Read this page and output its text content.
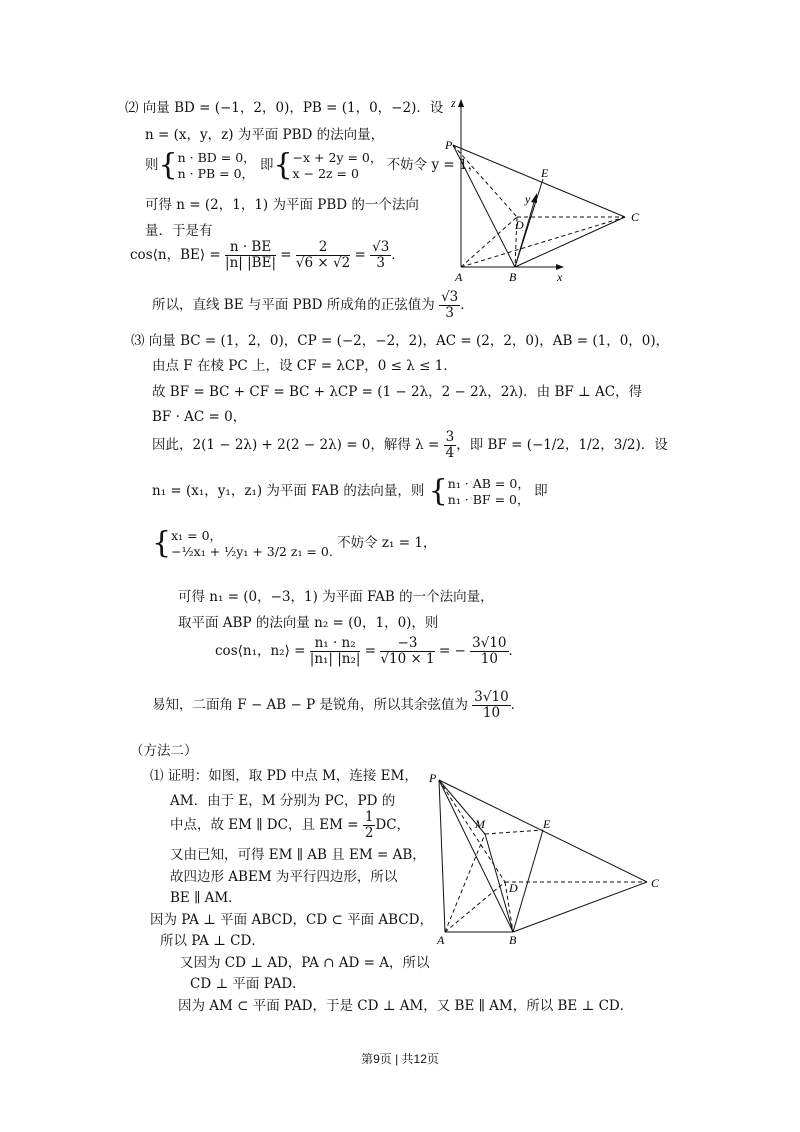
⑵ 向量 BD = (−1，2，0)，PB = (1，0，−2)．设
n = (x，y，z) 为平面 PBD 的法向量，
则{n · BD = 0，
n · PB = 0， 即{−x + 2y = 0，
x − 2z = 0 不妨令 y = 1，
可得 n = (2，1，1) 为平面 PBD 的一个法向
量．于是有
cos⟨n，BE⟩ = $\frac{n \cdot BE}{|n| |BE|} = \frac{2}{√6 \times √2} = \frac{√3}{3}$ ．
所以，直线 BE 与平面 PBD 所成角的正弦值为 $\frac{√3}{3}$ ．
z
P
E
y
D
C
A	B	x
⑶ 向量 BC = (1，2，0)，CP = (−2，−2，2)，AC = (2，2，0)，AB = (1，0，0)，
由点 F 在棱 PC 上，设 CF = λCP，0 ≤ λ ≤ 1．
故 BF = BC + CF = BC + λCP = (1 − 2λ，2 − 2λ，2λ)．由 BF ⊥ AC，得
BF · AC = 0，
因此，2(1 − 2λ) + 2(2 − 2λ) = 0，解得 $\lambda = \frac{3}{4}$ ，即 BF = (−1/2，1/2，3/2)．设
n₁ = (x₁，y₁，z₁) 为平面 FAB 的法向量，则 {n₁ · AB = 0，
n₁ · BF = 0， 即
{x₁ = 0，
−½x₁ + ½y₁ + 3/2 z₁ = 0. 不妨令 z₁ = 1，
可得 n₁ = (0，−3，1) 为平面 FAB 的一个法向量，
取平面 ABP 的法向量 n₂ = (0，1，0)，则
cos⟨n₁，n₂⟩ = $\frac{\text{n₁ · n₂}}{\text{|n₁| |n₂|}} = \frac{-3}{√10 \times 1}$ = − $\frac{3√10}{10}$ ．
易知，二面角 F − AB − P 是锐角，所以其余弦值为 $\frac{3√10}{10}$ ．
（方法二）
⑴ 证明：如图，取 PD 中点 M，连接 EM，
AM．由于 E，M 分别为 PC，PD 的
中点，故 EM ∥ DC，且 EM = $\frac{1}{2}$ DC，
又由已知，可得 EM ∥ AB 且 EM = AB，
故四边形 ABEM 为平行四边形，所以
BE ∥ AM．
因为 PA ⊥ 平面 ABCD，CD ⊂ 平面 ABCD，
所以 PA ⊥ CD．
又因为 CD ⊥ AD，PA ∩ AD = A，所以
CD ⊥ 平面 PAD．
因为 AM ⊂ 平面 PAD，于是 CD ⊥ AM，又 BE ∥ AM，所以 BE ⊥ CD．
P
M	E
D	C
A	B
第9页 | 共12页
